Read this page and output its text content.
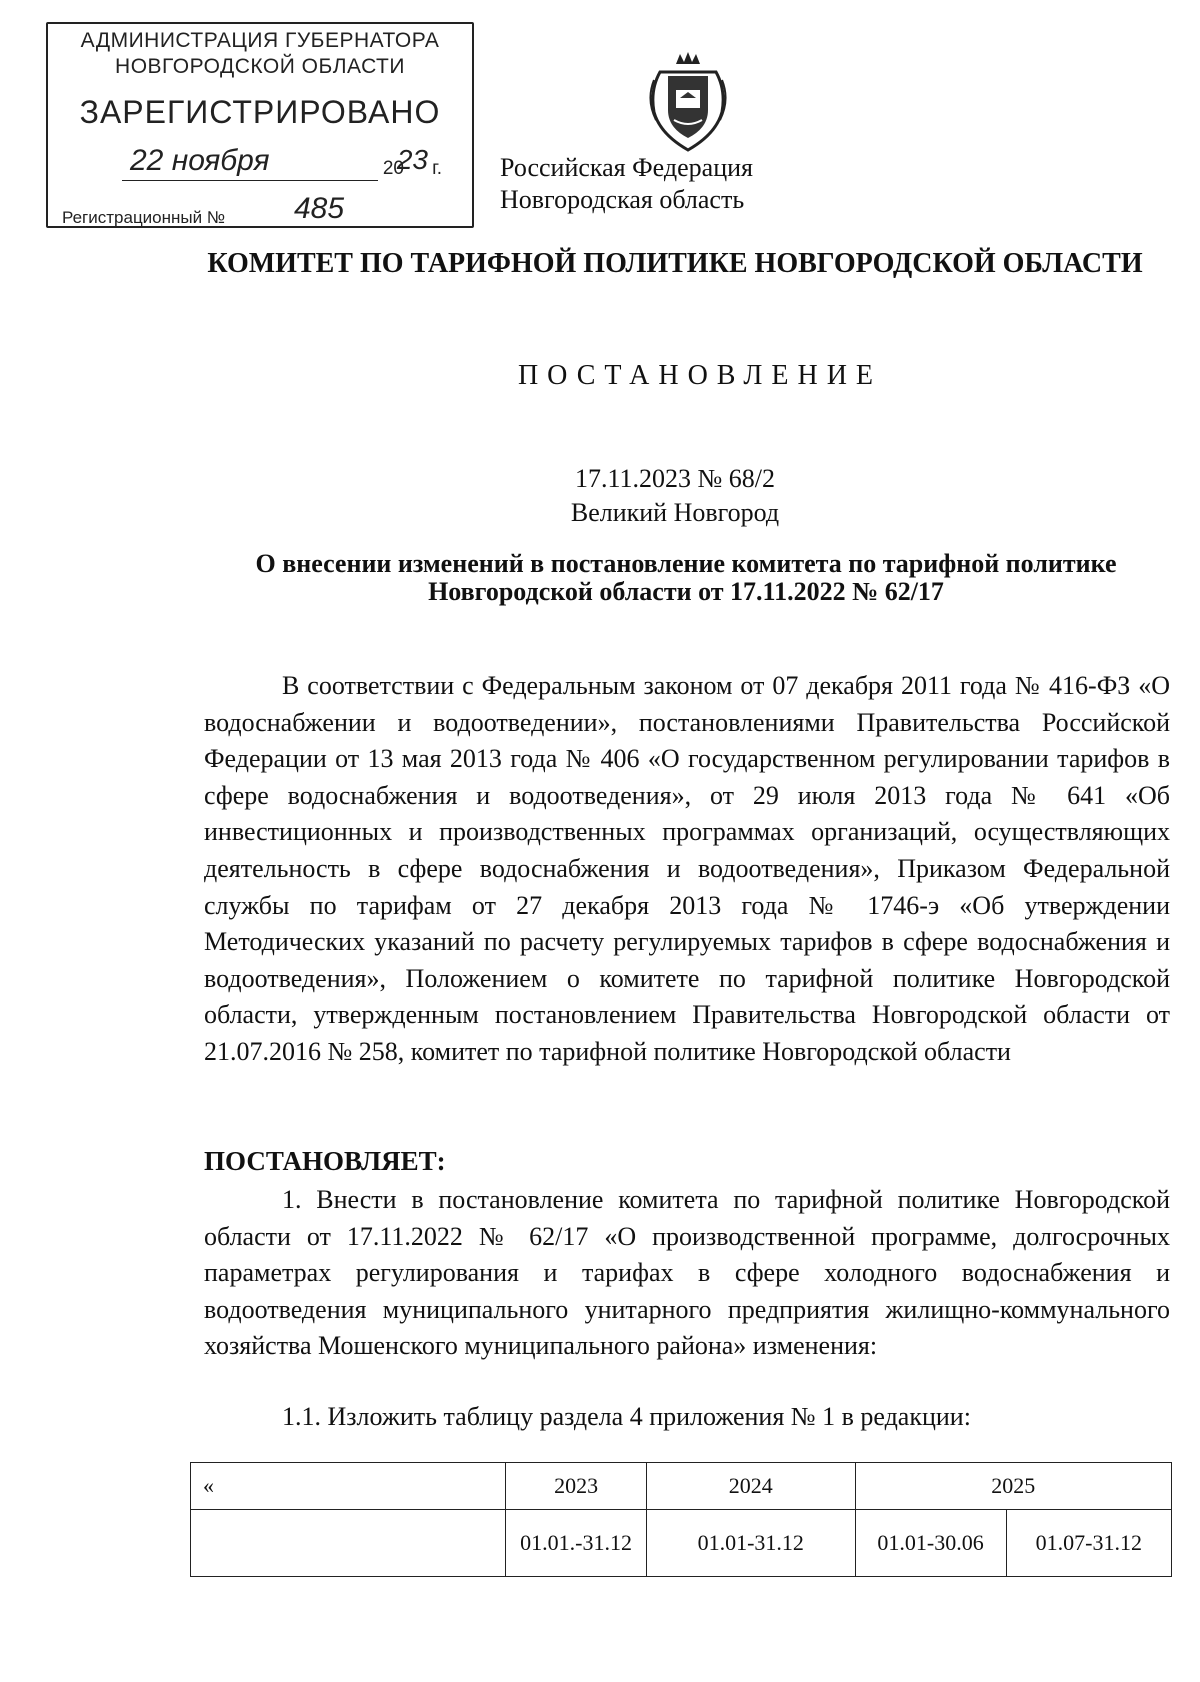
АДМИНИСТРАЦИЯ ГУБЕРНАТОРА
НОВГОРОДСКОЙ ОБЛАСТИ
ЗАРЕГИСТРИРОВАНО
22 ноября	20
23 г.
Регистрационный № 485
Российская Федерация
Новгородская область
КОМИТЕТ ПО ТАРИФНОЙ ПОЛИТИКЕ НОВГОРОДСКОЙ ОБЛАСТИ
ПОСТАНОВЛЕНИЕ
17.11.2023 № 68/2
Великий Новгород
О внесении изменений в постановление комитета по тарифной политике Новгородской области от 17.11.2022 № 62/17
В соответствии с Федеральным законом от 07 декабря 2011 года № 416-ФЗ «О водоснабжении и водоотведении», постановлениями Правительства Российской Федерации от 13 мая 2013 года № 406 «О государственном регулировании тарифов в сфере водоснабжения и водоотведения», от 29 июля 2013 года № 641 «Об инвестиционных и производственных программах организаций, осуществляющих деятельность в сфере водоснабжения и водоотведения», Приказом Федеральной службы по тарифам от 27 декабря 2013 года № 1746-э «Об утверждении Методических указаний по расчету регулируемых тарифов в сфере водоснабжения и водоотведения», Положением о комитете по тарифной политике Новгородской области, утвержденным постановлением Правительства Новгородской области от 21.07.2016 № 258, комитет по тарифной политике Новгородской области
ПОСТАНОВЛЯЕТ:
1. Внести в постановление комитета по тарифной политике Новгородской области от 17.11.2022 № 62/17 «О производственной программе, долгосрочных параметрах регулирования и тарифах в сфере холодного водоснабжения и водоотведения муниципального унитарного предприятия жилищно-коммунального хозяйства Мошенского муниципального района» изменения:
1.1. Изложить таблицу раздела 4 приложения № 1 в редакции:
«	2023	2024	2025	
	01.01.-31.12	01.01-31.12	01.01-30.06	01.07-31.12
